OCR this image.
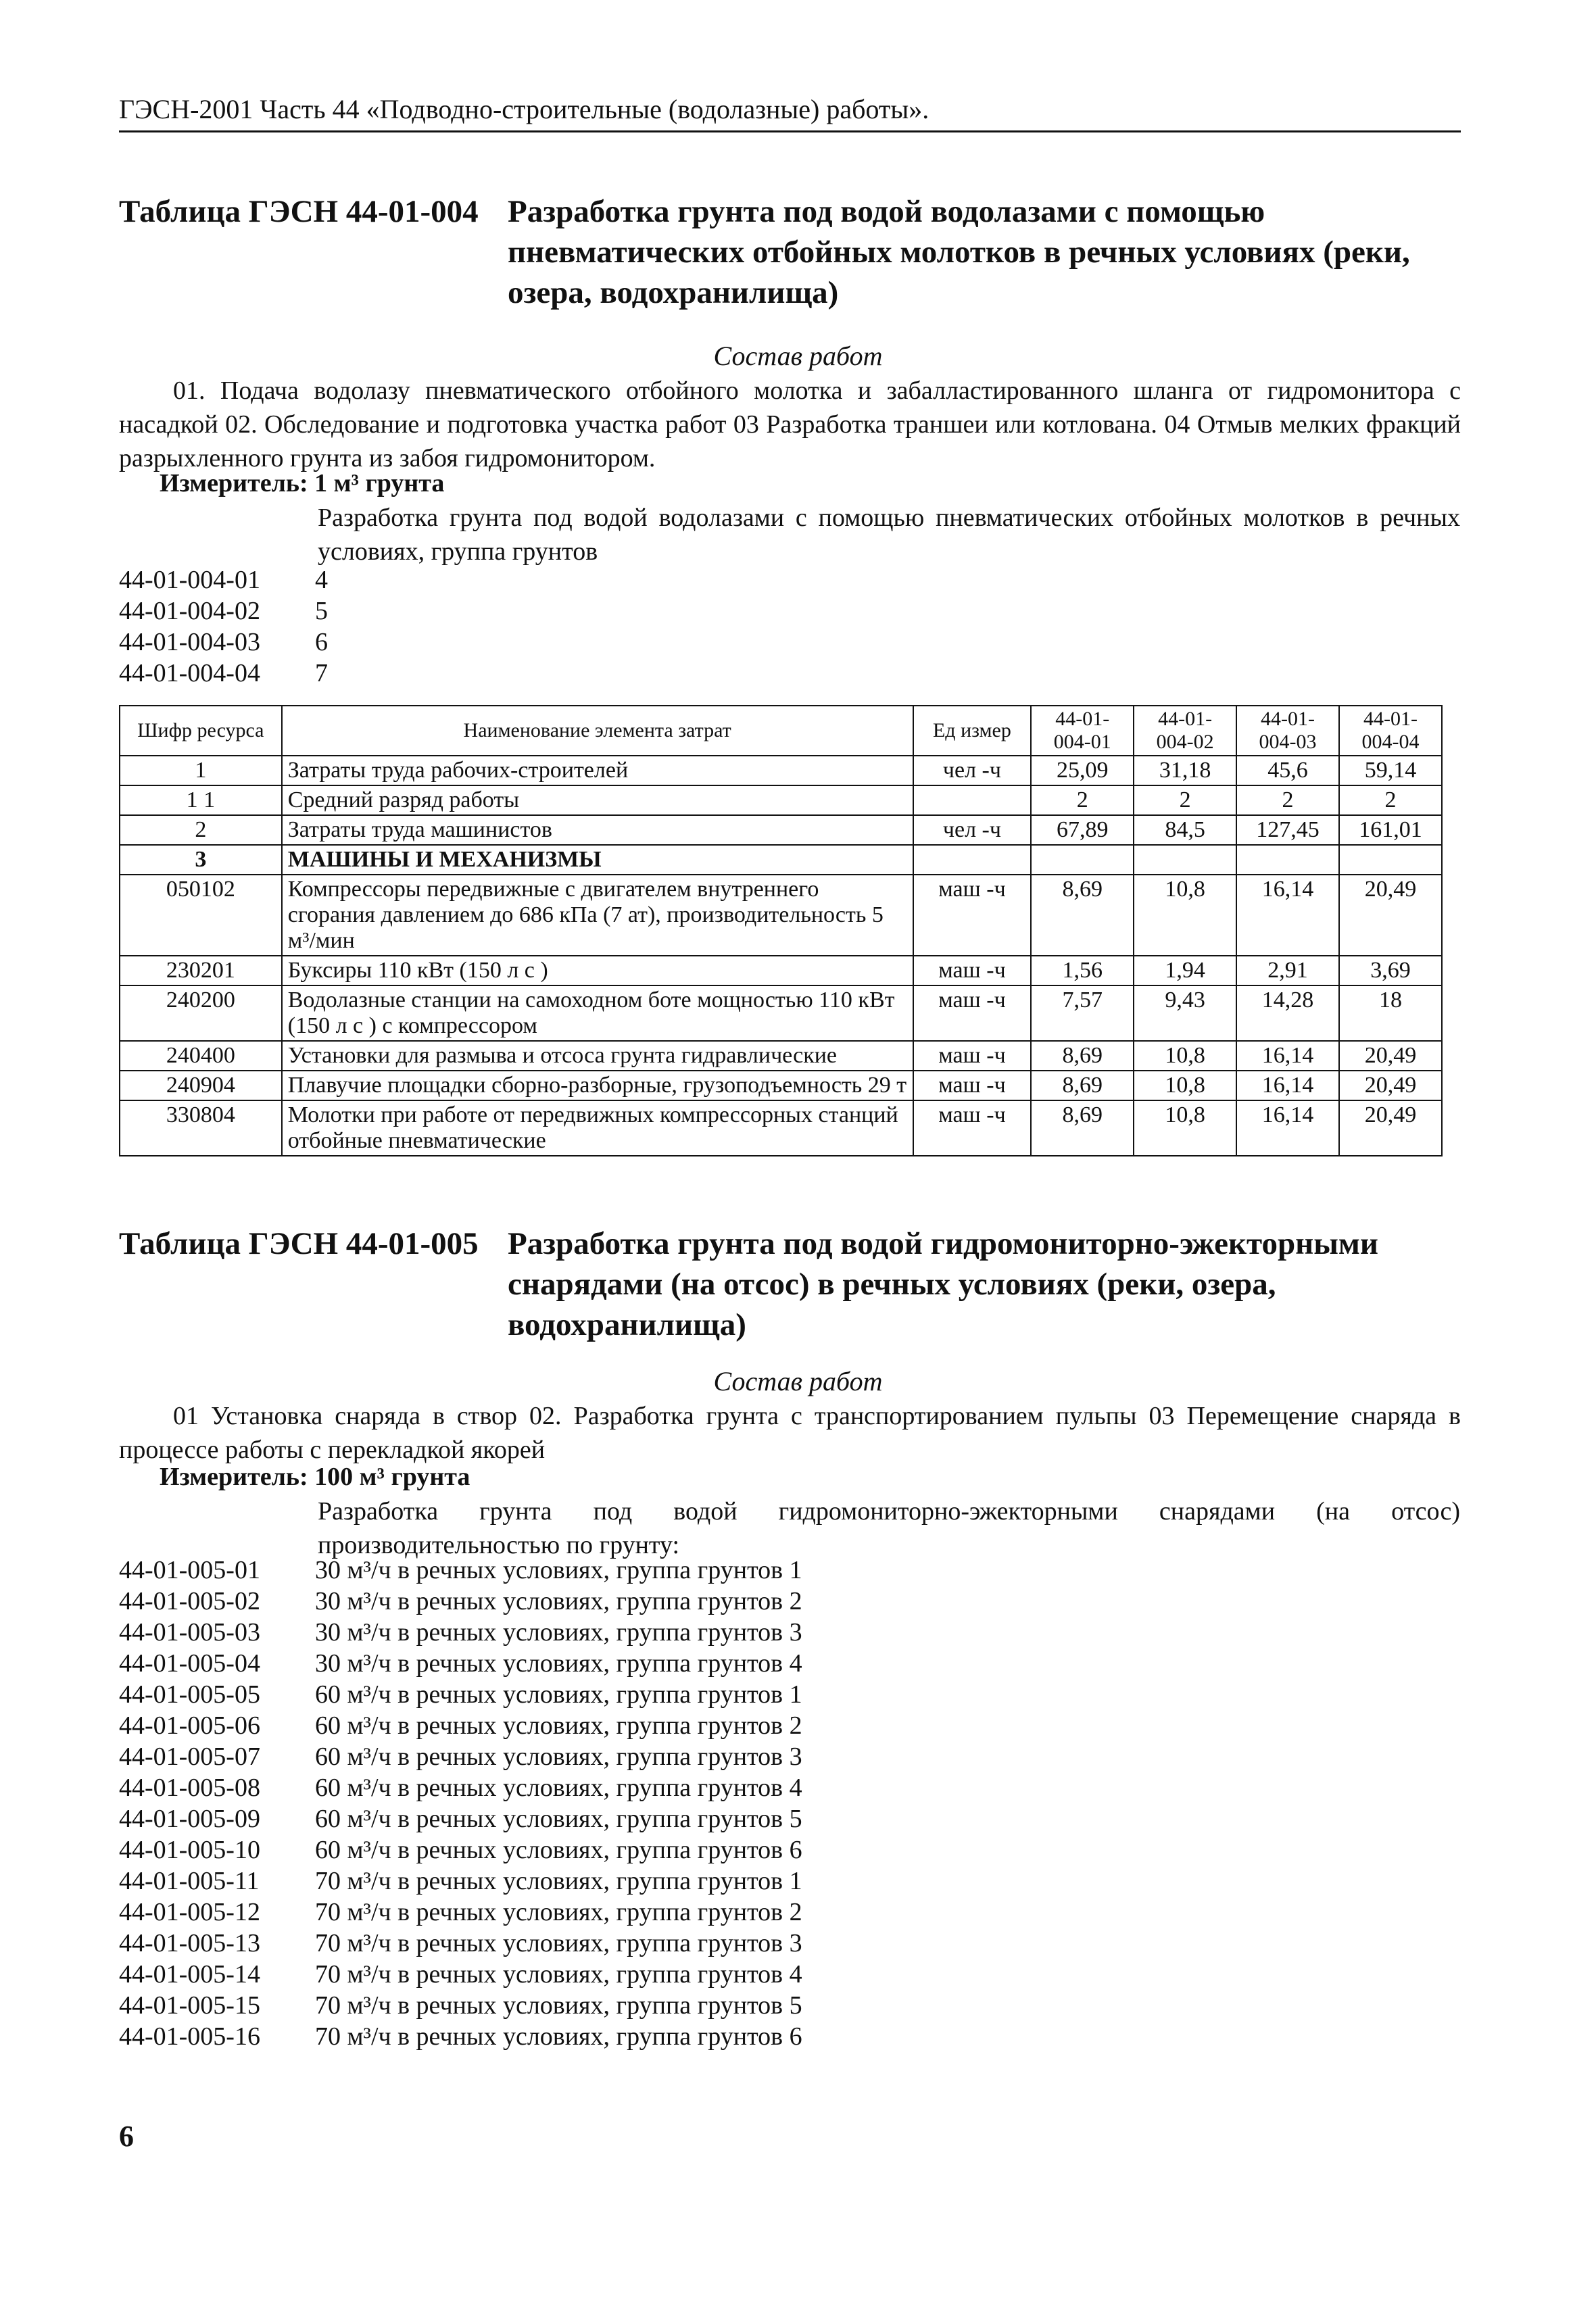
ГЭСН-2001 Часть 44 «Подводно-строительные (водолазные) работы».
Таблица ГЭСН 44-01-004 Разработка грунта под водой водолазами с помощью пневматических отбойных молотков в речных условиях (реки, озера, водохранилища)
Состав работ
01. Подача водолазу пневматического отбойного молотка и забалластированного шланга от гидромонитора с насадкой 02. Обследование и подготовка участка работ 03 Разработка траншеи или котлована. 04 Отмыв мелких фракций разрыхленного грунта из забоя гидромонитором.
Измеритель: 1 м³ грунта
Разработка грунта под водой водолазами с помощью пневматических отбойных молотков в речных условиях, группа грунтов
44-01-004-01	4
44-01-004-02	5
44-01-004-03	6
44-01-004-04	7
Шифр ресурса	Наименование элемента затрат	Ед измер	44-01-004-01	44-01-004-02	44-01-004-03	44-01-004-04
1	Затраты труда рабочих-строителей	чел -ч	25,09	31,18	45,6	59,14
1 1	Средний разряд работы		2	2	2	2
2	Затраты труда машинистов	чел -ч	67,89	84,5	127,45	161,01
3	МАШИНЫ И МЕХАНИЗМЫ					
050102	Компрессоры передвижные с двигателем внутреннего сгорания давлением до 686 кПа (7 ат), производительность 5 м³/мин	маш -ч	8,69	10,8	16,14	20,49
230201	Буксиры 110 кВт (150 л с )	маш -ч	1,56	1,94	2,91	3,69
240200	Водолазные станции на самоходном боте мощностью 110 кВт (150 л с ) с компрессором	маш -ч	7,57	9,43	14,28	18
240400	Установки для размыва и отсоса грунта гидравлические	маш -ч	8,69	10,8	16,14	20,49
240904	Плавучие площадки сборно-разборные, грузоподъемность 29 т	маш -ч	8,69	10,8	16,14	20,49
330804	Молотки при работе от передвижных компрессорных станций отбойные пневматические	маш -ч	8,69	10,8	16,14	20,49
Таблица ГЭСН 44-01-005 Разработка грунта под водой гидромониторно-эжекторными снарядами (на отсос) в речных условиях (реки, озера, водохранилища)
Состав работ
01 Установка снаряда в створ 02. Разработка грунта с транспортированием пульпы 03 Перемещение снаряда в процессе работы с перекладкой якорей
Измеритель: 100 м³ грунта
Разработка грунта под водой гидромониторно-эжекторными снарядами (на отсос) производительностью по грунту:
44-01-005-01	30 м³/ч в речных условиях, группа грунтов 1
44-01-005-02	30 м³/ч в речных условиях, группа грунтов 2
44-01-005-03	30 м³/ч в речных условиях, группа грунтов 3
44-01-005-04	30 м³/ч в речных условиях, группа грунтов 4
44-01-005-05	60 м³/ч в речных условиях, группа грунтов 1
44-01-005-06	60 м³/ч в речных условиях, группа грунтов 2
44-01-005-07	60 м³/ч в речных условиях, группа грунтов 3
44-01-005-08	60 м³/ч в речных условиях, группа грунтов 4
44-01-005-09	60 м³/ч в речных условиях, группа грунтов 5
44-01-005-10	60 м³/ч в речных условиях, группа грунтов 6
44-01-005-11	70 м³/ч в речных условиях, группа грунтов 1
44-01-005-12	70 м³/ч в речных условиях, группа грунтов 2
44-01-005-13	70 м³/ч в речных условиях, группа грунтов 3
44-01-005-14	70 м³/ч в речных условиях, группа грунтов 4
44-01-005-15	70 м³/ч в речных условиях, группа грунтов 5
44-01-005-16	70 м³/ч в речных условиях, группа грунтов 6
6
